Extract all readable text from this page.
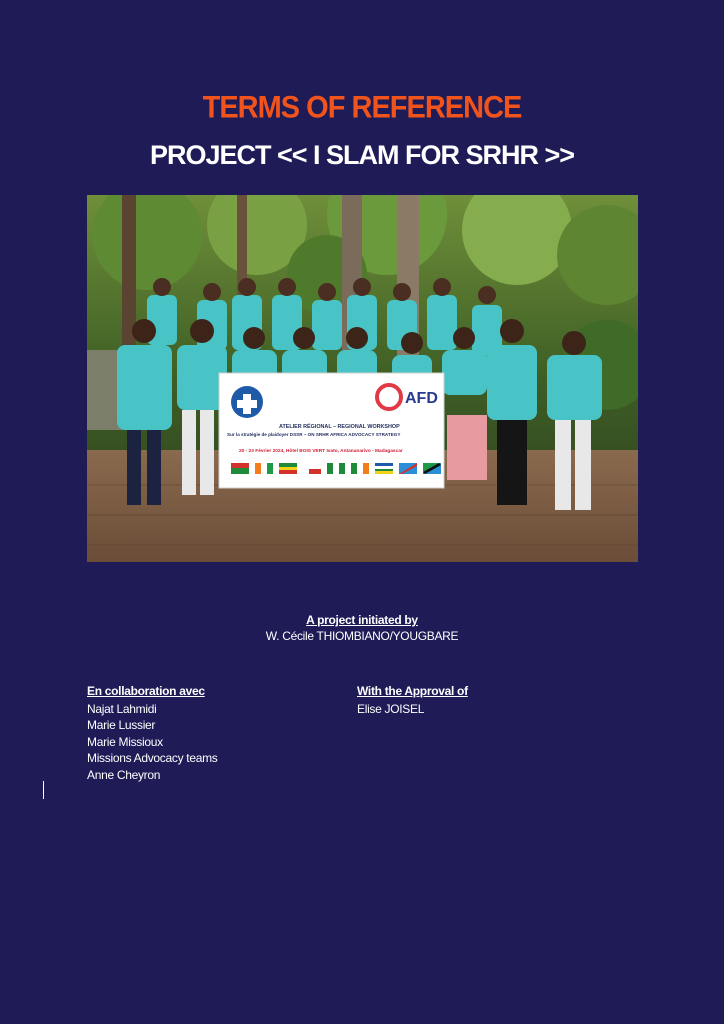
TERMS OF REFERENCE
PROJECT << I SLAM FOR SRHR >>
AFD
ATELIER RÉGIONAL – REGIONAL WORKSHOP
Sur la stratégie de plaidoyer DSSR – ON SRHR AFRICA ADVOCACY STRATEGY
20 - 23 Février 2024, Hôtel BOIS VERT Ivato, Antananarivo - Madagascar
A project initiated by
W. Cécile THIOMBIANO/YOUGBARE
En collaboration avec
Najat Lahmidi
Marie Lussier
Marie Missioux
Missions Advocacy teams
Anne Cheyron
With the Approval of
Elise JOISEL
